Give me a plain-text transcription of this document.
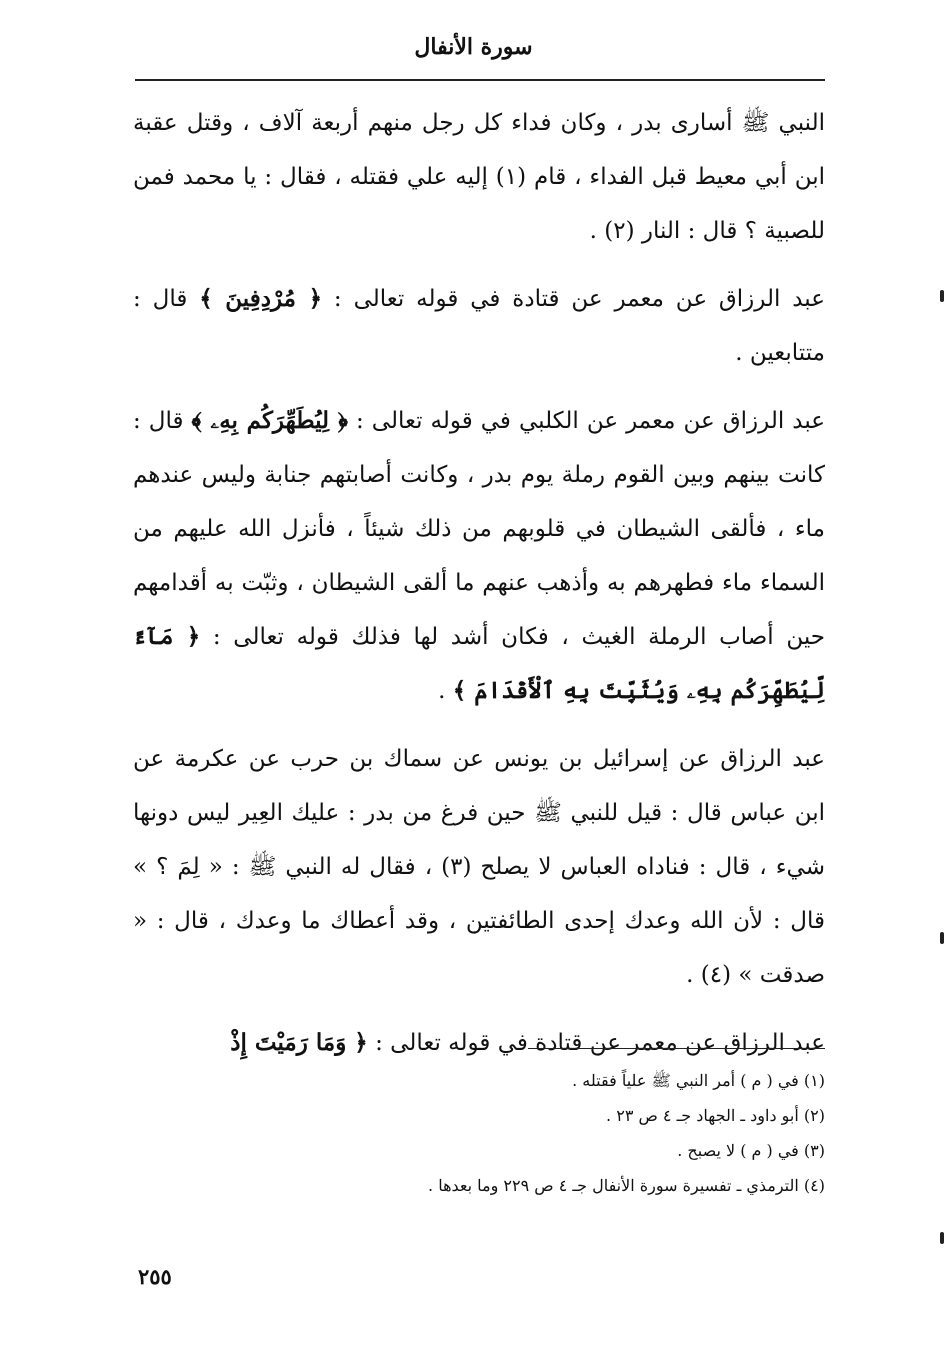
سورة الأنفال

النبي ﷺ أسارى بدر ، وكان فداء كل رجل منهم أربعة آلاف ، وقتل عقبة ابن أبي معيط قبل الفداء ، قام (١) إليه علي فقتله ، فقال : يا محمد فمن للصبية ؟ قال : النار (٢) .

عبد الرزاق عن معمر عن قتادة في قوله تعالى : ﴿ مُرْدِفِينَ ﴾ قال : متتابعين .

عبد الرزاق عن معمر عن الكلبي في قوله تعالى : ﴿ لِيُطَهِّرَكُم بِهِۦ ﴾ قال : كانت بينهم وبين القوم رملة يوم بدر ، وكانت أصابتهم جنابة وليس عندهم ماء ، فألقى الشيطان في قلوبهم من ذلك شيئاً ، فأنزل الله عليهم من السماء ماء فطهرهم به وأذهب عنهم ما ألقى الشيطان ، وثبّت به أقدامهم حين أصاب الرملة الغيث ، فكان أشد لها فذلك قوله تعالى : ﴿ مَآءً لِّيُطَهِّرَكُم بِهِۦ وَيُثَبِّتَ بِهِ ٱلْأَقْدَامَ ﴾ .

عبد الرزاق عن إسرائيل بن يونس عن سماك بن حرب عن عكرمة عن ابن عباس قال : قيل للنبي ﷺ حين فرغ من بدر : عليك العِير ليس دونها شيء ، قال : فناداه العباس لا يصلح (٣) ، فقال له النبي ﷺ : « لِمَ ؟ » قال : لأن الله وعدك إحدى الطائفتين ، وقد أعطاك ما وعدك ، قال : « صدقت » (٤) .

عبد الرزاق عن معمر عن قتادة في قوله تعالى : ﴿ وَمَا رَمَيْتَ إِذْ

(١) في ( م ) أمر النبي ﷺ علياً فقتله .
(٢) أبو داود ـ الجهاد جـ ٤ ص ٢٣ .
(٣) في ( م ) لا يصبح .
(٤) الترمذي ـ تفسيرة سورة الأنفال جـ ٤ ص ٢٢٩ وما بعدها .
٢٥٥
